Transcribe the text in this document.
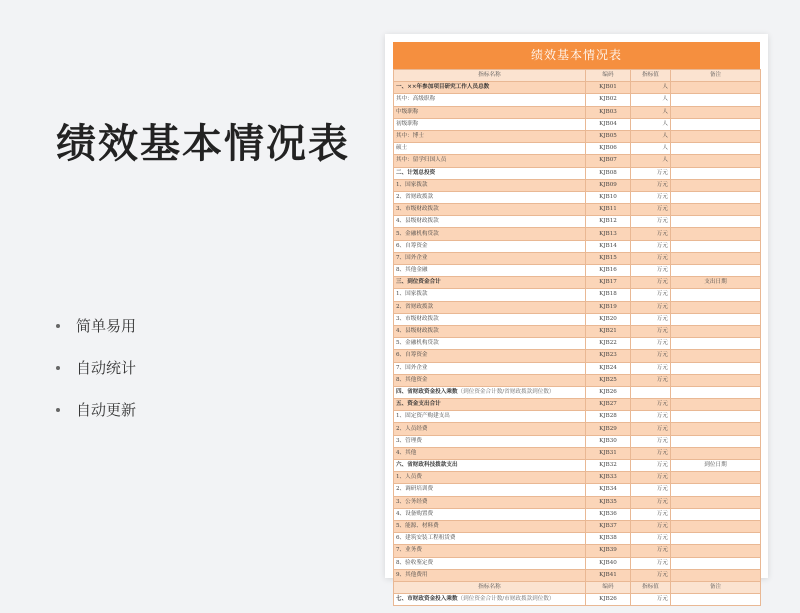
绩效基本情况表
简单易用
自动统计
自动更新
绩效基本情况表
指标名称	编码	指标值	备注
一、××年参加项目研究工作人员总数	KJB01	人	
其中：高级职称	KJB02	人	
中级职称	KJB03	人	
初级职称	KJB04	人	
其中：博士	KJB05	人	
硕士	KJB06	人	
其中：留学归国人员	KJB07	人	
二、计划总投资	KJB08	万元	
1、国家拨款	KJB09	万元	
2、省财政拨款	KJB10	万元	
3、市级财政拨款	KJB11	万元	
4、县级财政拨款	KJB12	万元	
5、金融机构贷款	KJB13	万元	
6、自筹资金	KJB14	万元	
7、国外企业	KJB15	万元	
8、其他金融	KJB16	万元	
三、到位资金合计	KJB17	万元	支出日期
1、国家拨款	KJB18	万元	
2、省财政拨款	KJB19	万元	
3、市级财政拨款	KJB20	万元	
4、县级财政拨款	KJB21	万元	
5、金融机构贷款	KJB22	万元	
6、自筹资金	KJB23	万元	
7、国外企业	KJB24	万元	
8、其他资金	KJB25	万元	
四、省财政资金投入乘数（到位资金合计数/省财政拨款到位数）	KJB26		
五、资金支出合计	KJB27	万元	
1、固定资产购建支出	KJB28	万元	
2、人员经费	KJB29	万元	
3、管理费	KJB30	万元	
4、其他	KJB31	万元	
六、省财政科技拨款支出	KJB32	万元	到位日期
1、人员费	KJB33	万元	
2、调研培训费	KJB34	万元	
3、公务经费	KJB35	万元	
4、设备购置费	KJB36	万元	
5、能源、材料费	KJB37	万元	
6、建筑安装工程租赁费	KJB38	万元	
7、业务费	KJB39	万元	
8、验收鉴定费	KJB40	万元	
9、其他费用	KJB41	万元	
指标名称	编码	指标值	备注
七、市财政资金投入乘数（到位资金合计数/市财政拨款到位数）	KJB26	万元	
